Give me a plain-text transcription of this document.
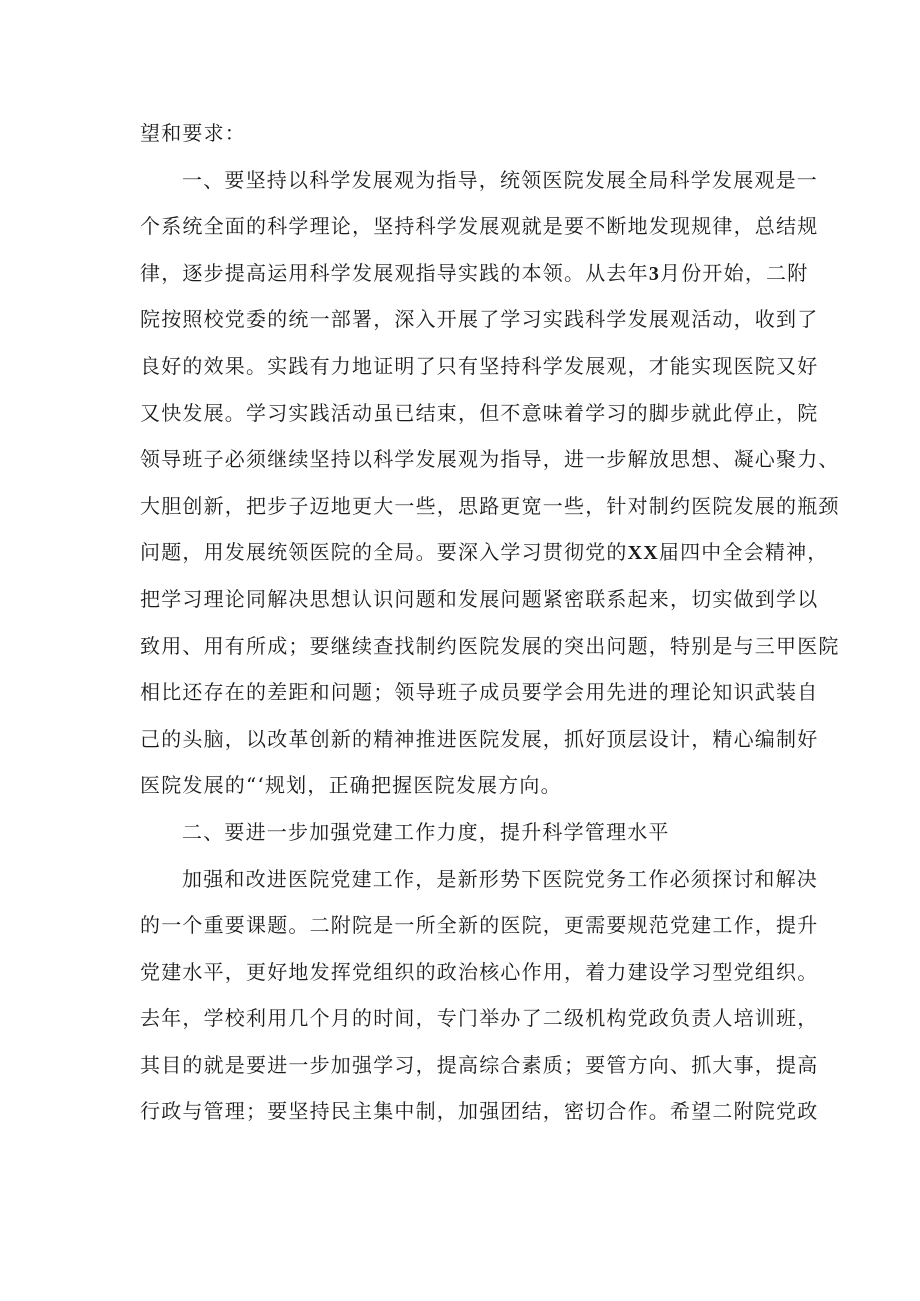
望和要求：
一、要坚持以科学发展观为指导，统领医院发展全局科学发展观是一
个系统全面的科学理论，坚持科学发展观就是要不断地发现规律，总结规
律，逐步提高运用科学发展观指导实践的本领。从去年3月份开始，二附
院按照校党委的统一部署，深入开展了学习实践科学发展观活动，收到了
良好的效果。实践有力地证明了只有坚持科学发展观，才能实现医院又好
又快发展。学习实践活动虽已结束，但不意味着学习的脚步就此停止，院
领导班子必须继续坚持以科学发展观为指导，进一步解放思想、凝心聚力、
大胆创新，把步子迈地更大一些，思路更宽一些，针对制约医院发展的瓶颈
问题，用发展统领医院的全局。要深入学习贯彻党的XX届四中全会精神，
把学习理论同解决思想认识问题和发展问题紧密联系起来，切实做到学以
致用、用有所成；要继续查找制约医院发展的突出问题，特别是与三甲医院
相比还存在的差距和问题；领导班子成员要学会用先进的理论知识武装自
己的头脑，以改革创新的精神推进医院发展，抓好顶层设计，精心编制好
医院发展的“‘规划，正确把握医院发展方向。
二、要进一步加强党建工作力度，提升科学管理水平
加强和改进医院党建工作，是新形势下医院党务工作必须探讨和解决
的一个重要课题。二附院是一所全新的医院，更需要规范党建工作，提升
党建水平，更好地发挥党组织的政治核心作用，着力建设学习型党组织。
去年，学校利用几个月的时间，专门举办了二级机构党政负责人培训班，
其目的就是要进一步加强学习，提高综合素质；要管方向、抓大事，提高
行政与管理；要坚持民主集中制，加强团结，密切合作。希望二附院党政
